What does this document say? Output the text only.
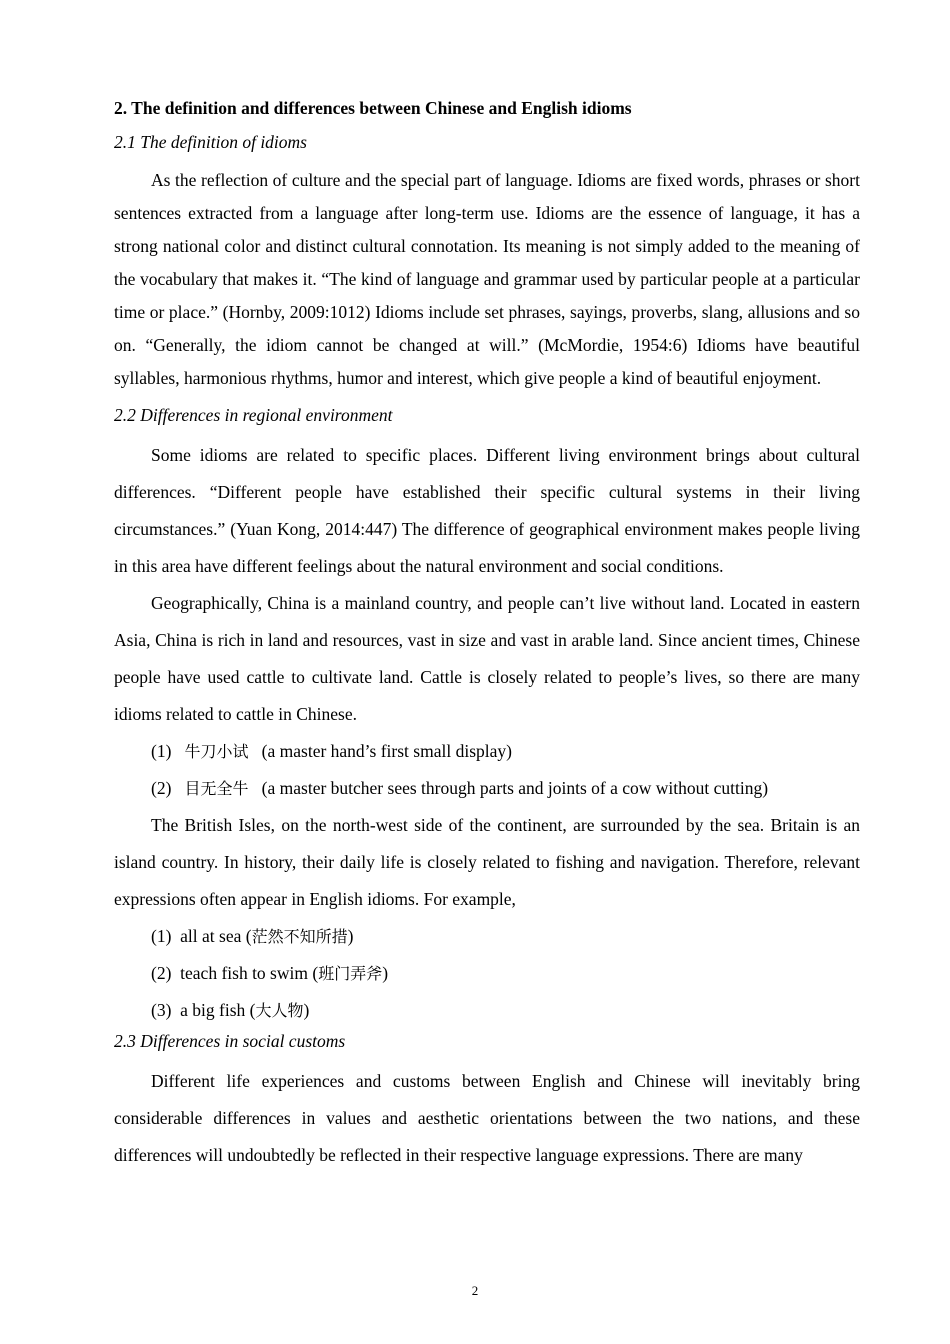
2. The definition and differences between Chinese and English idioms
2.1 The definition of idioms

As the reflection of culture and the special part of language. Idioms are fixed words, phrases or short sentences extracted from a language after long-term use. Idioms are the essence of language, it has a strong national color and distinct cultural connotation. Its meaning is not simply added to the meaning of the vocabulary that makes it. “The kind of language and grammar used by particular people at a particular time or place.” (Hornby, 2009:1012) Idioms include set phrases, sayings, proverbs, slang, allusions and so on. “Generally, the idiom cannot be changed at will.” (McMordie, 1954:6) Idioms have beautiful syllables, harmonious rhythms, humor and interest, which give people a kind of beautiful enjoyment.

2.2 Differences in regional environment

Some idioms are related to specific places. Different living environment brings about cultural differences. “Different people have established their specific cultural systems in their living circumstances.” (Yuan Kong, 2014:447) The difference of geographical environment makes people living in this area have different feelings about the natural environment and social conditions.

Geographically, China is a mainland country, and people can’t live without land. Located in eastern Asia, China is rich in land and resources, vast in size and vast in arable land. Since ancient times, Chinese people have used cattle to cultivate land. Cattle is closely related to people’s lives, so there are many idioms related to cattle in Chinese.

(1) 牛刀小试 (a master hand’s first small display)
(2) 目无全牛 (a master butcher sees through parts and joints of a cow without cutting)

The British Isles, on the north-west side of the continent, are surrounded by the sea. Britain is an island country. In history, their daily life is closely related to fishing and navigation. Therefore, relevant expressions often appear in English idioms. For example,

(1) all at sea (茫然不知所措)
(2) teach fish to swim (班门弄斧)
(3) a big fish (大人物)
2.3 Differences in social customs

Different life experiences and customs between English and Chinese will inevitably bring considerable differences in values and aesthetic orientations between the two nations, and these differences will undoubtedly be reflected in their respective language expressions. There are many

2
